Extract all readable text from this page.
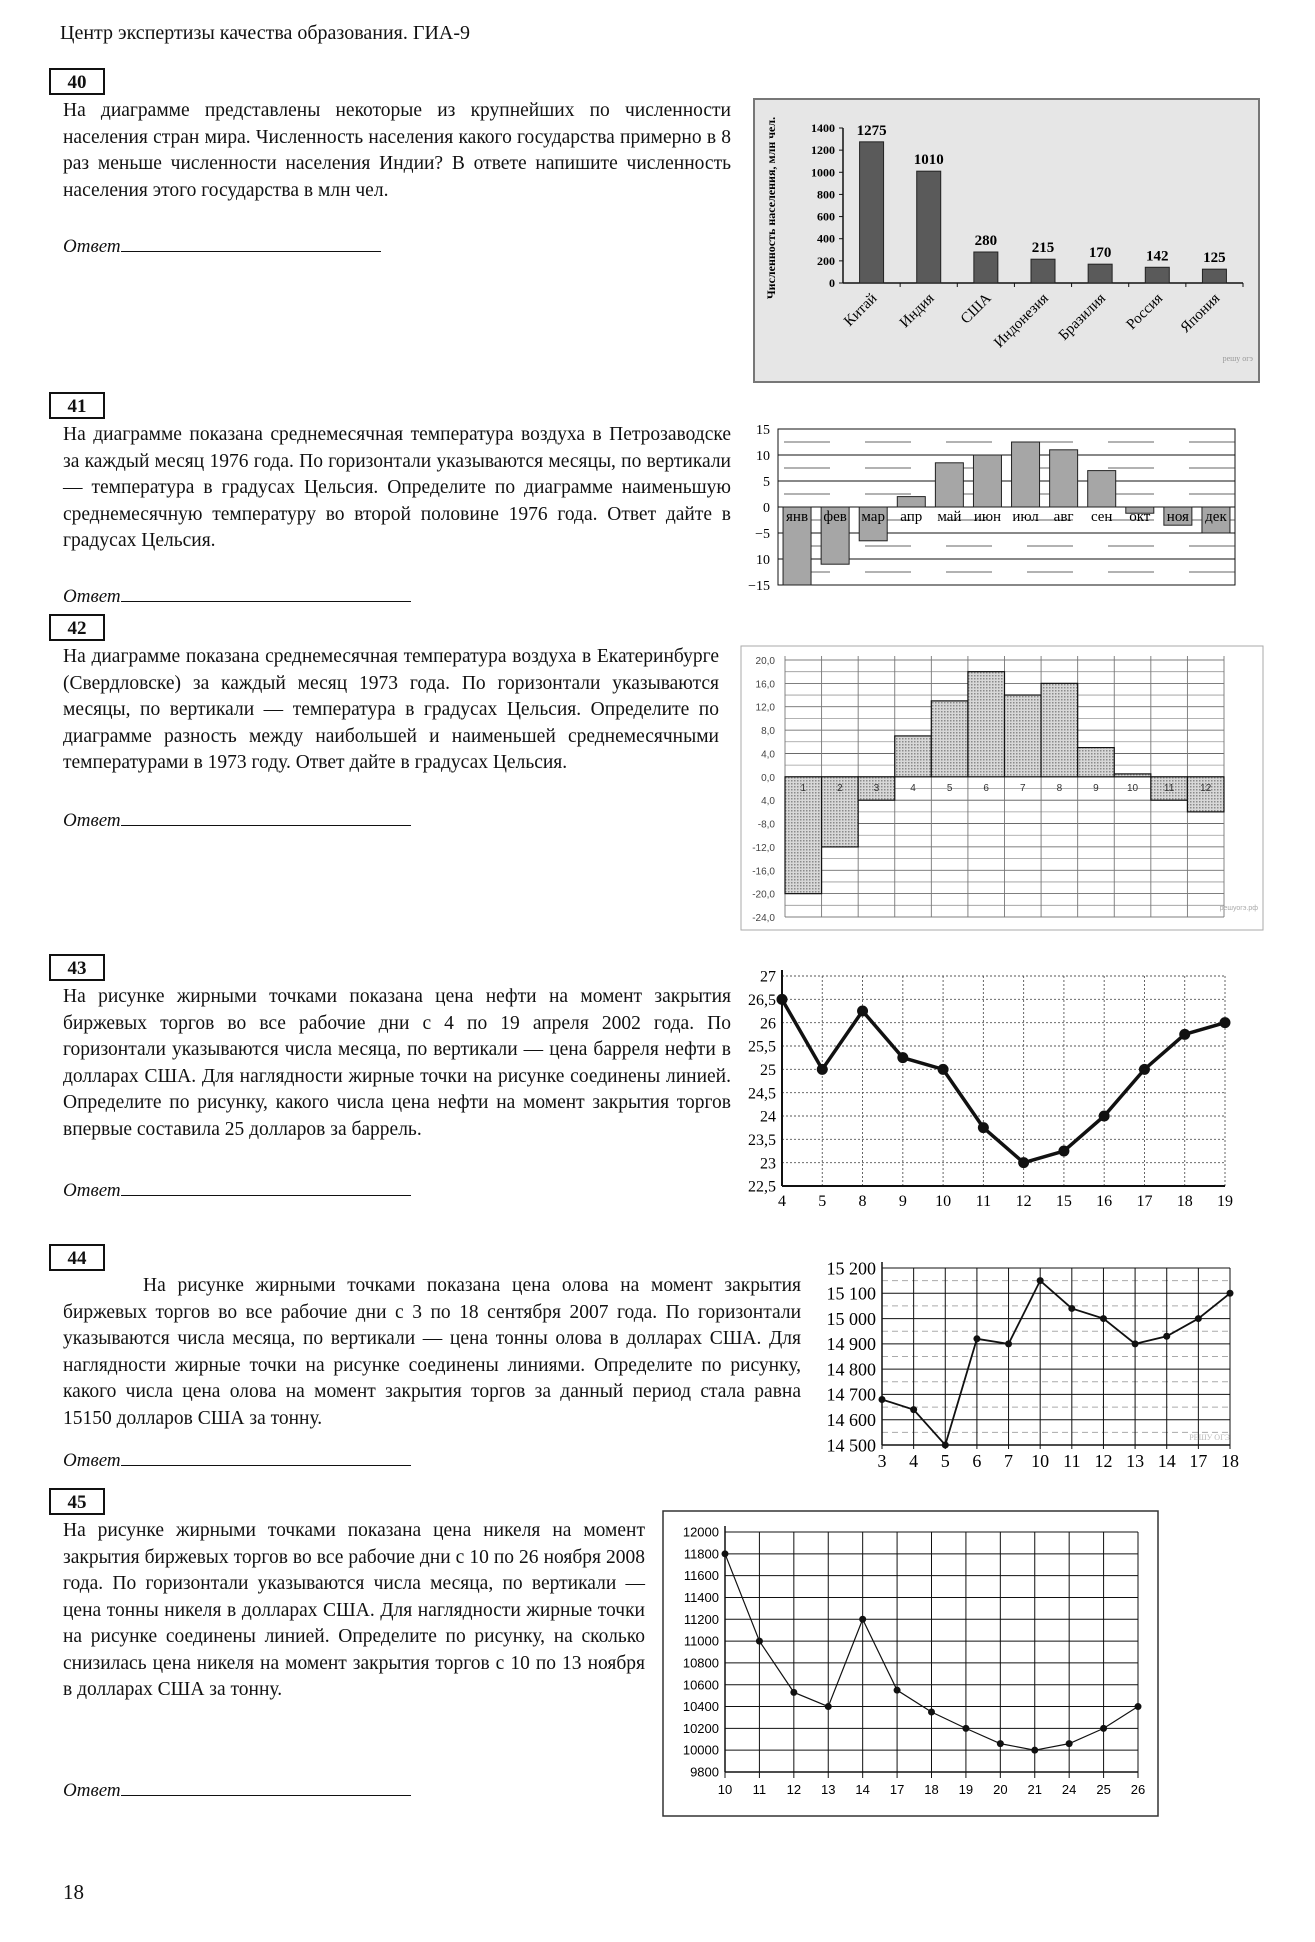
Центр экспертизы качества образования. ГИА-9
40
На диаграмме представлены некоторые из крупнейших по численности населения стран мира. Численность населения какого государства примерно в 8 раз меньше численности населения Индии? В ответе напишите численность населения этого государства в млн чел.
Ответ
0
200
400
600
800
1000
1200
1400
Численность населения, млн чел.	1275
Китай
1010
Индия
280
США
215
Индонезия
170
Бразилия
142
Россия
125
Япония
решу огэ
41
На диаграмме показана среднемесячная температура воздуха в Петрозаводске за каждый месяц 1976 года. По горизонтали указываются месяцы, по вертикали — температура в градусах Цельсия. Определите по диаграмме наименьшую среднемесячную температуру во второй половине 1976 года. Ответ дайте в градусах Цельсия.
Ответ	−15
10
−5
0
5
10
15
янв фев мар апр май июн июл авг сен окт ноя дек
42
На диаграмме показана среднемесячная температура воздуха в Екатеринбурге (Свердловске) за каждый месяц 1973 года. По горизонтали указываются месяцы, по вертикали — температура в градусах Цельсия. Определите по диаграмме разность между наибольшей и наименьшей среднемесячными температурами в 1973 году. Ответ дайте в градусах Цельсия.
Ответ
-24,0
-20,0
-16,0
-12,0
-8,0
4,0
0,0
4,0
8,0
12,0
16,0
20,0
1	2	3	4	5	6	7	8	9	10	11	12
решуогэ.рф
43
На рисунке жирными точками показана цена нефти на момент закрытия биржевых торгов во все рабочие дни с 4 по 19 апреля 2002 года. По горизонтали указываются числа месяца, по вертикали — цена барреля нефти в долларах США. Для наглядности жирные точки на рисунке соединены линией. Определите по рисунку, какого числа цена нефти на момент закрытия торгов впервые составила 25 долларов за баррель.
Ответ	22,5
23
23,5
24
24,5
25
25,5
26
26,5
27
4 5 8 9 10 11 12 15 16 17 18 19
44
На рисунке жирными точками показана цена олова на момент закрытия биржевых торгов во все рабочие дни с 3 по 18 сентября 2007 года. По горизонтали указываются числа месяца, по вертикали — цена тонны олова в долларах США. Для наглядности жирные точки на рисунке соединены линиями. Определите по рисунку, какого числа цена олова на момент закрытия торгов за данный период стала равна 15150 долларов США за тонну.
Ответ
14 500
14 600
14 700
14 800
14 900
15 000
15 100
15 200
3 4 5 6 7 10 11 12 13 14 17 18
РЕШУ ОГЭ
45
На рисунке жирными точками показана цена никеля на момент закрытия биржевых торгов во все рабочие дни с 10 по 26 ноября 2008 года. По горизонтали указываются числа месяца, по вертикали — цена тонны никеля в долларах США. Для наглядности жирные точки на рисунке соединены линией. Определите по рисунку, на сколько снизилась цена никеля на момент закрытия торгов с 10 по 13 ноября в долларах США за тонну.
Ответ
9800
10000
10200
10400
10600
10800
11000
11200
11400
11600
11800
12000
10 11 12 13 14 17 18 19 20 21 24 25 26
18
